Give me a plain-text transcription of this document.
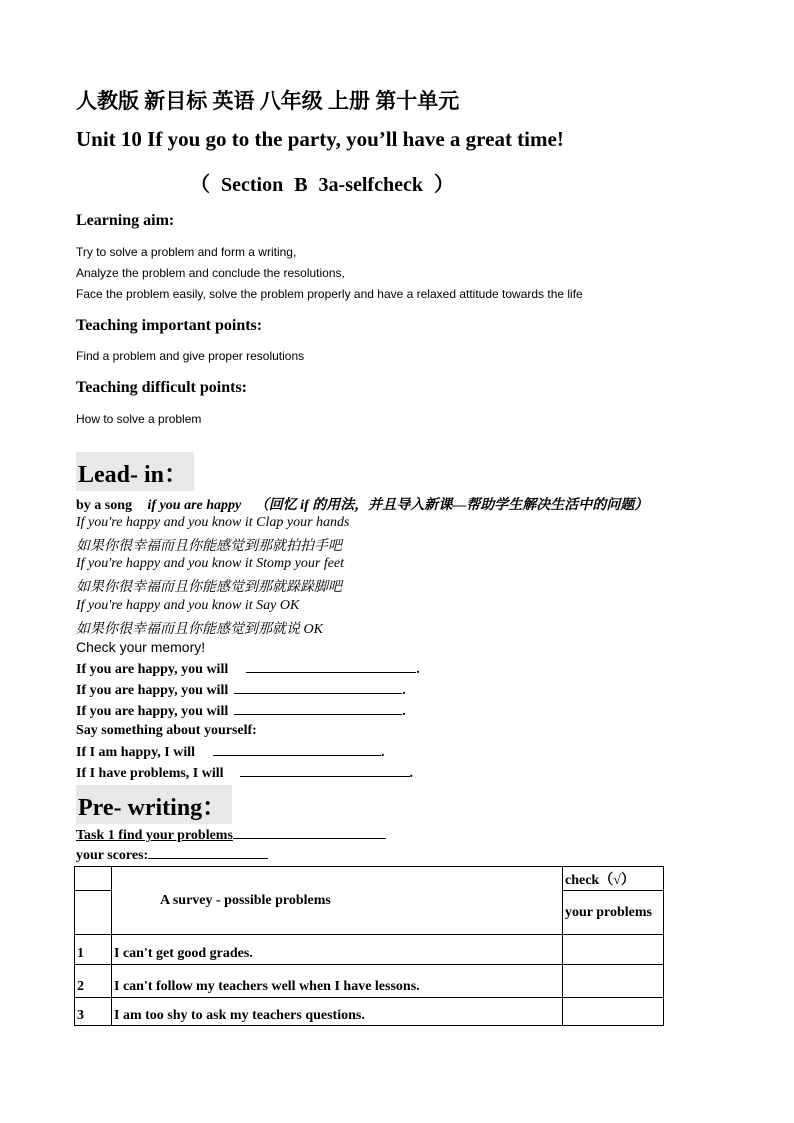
人教版 新目标 英语 八年级 上册 第十单元
Unit 10 If you go to the party, you’ll have a great time!
（ Section B 3a-selfcheck ）
Learning aim:
Try to solve a problem and form a writing,
Analyze the problem and conclude the resolutions,
Face the problem easily, solve the problem properly and have a relaxed attitude towards the life
Teaching important points:
Find a problem and give proper resolutions
Teaching difficult points:
How to solve a problem
Lead- in：
by a song if you are happy （回忆 if 的用法，并且导入新课—帮助学生解决生活中的问题）
If you're happy and you know it Clap your hands
如果你很幸福而且你能感觉到那就拍拍手吧
If you're happy and you know it Stomp your feet
如果你很幸福而且你能感觉到那就跺跺脚吧
If you're happy and you know it Say OK
如果你很幸福而且你能感觉到那就说 OK
Check your memory!
If you are happy, you will	.
If you are happy, you will	.
If you are happy, you will	.
Say something about yourself:
If I am happy, I will	.
If I have problems, I will	.
Pre- writing：
Task 1 find your problems
your scores:
	A survey - possible problems	check（√）
		your problems
1	I can't get good grades.	
2	I can't follow my teachers well when I have lessons.	
3	I am too shy to ask my teachers questions.	
